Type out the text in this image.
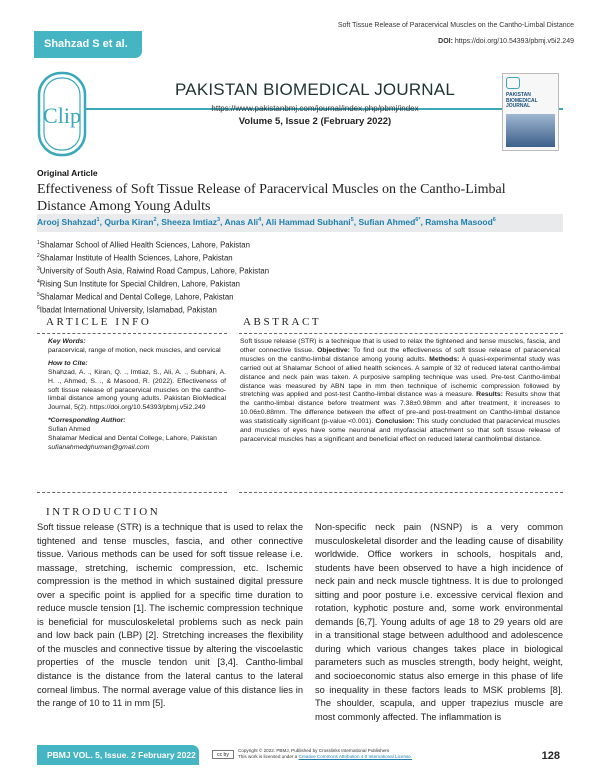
Shahzad S et al.
Soft Tissue Release of Paracervical Muscles on the Cantho-Limbal Distance
DOI: https://doi.org/10.54393/pbmj.v5i2.249
Clip
PAKISTAN BIOMEDICAL JOURNAL
https://www.pakistanbmj.com/journal/index.php/pbmj/index
Volume 5, Issue 2 (February 2022)
PAKISTAN BIOMEDICAL JOURNAL
Original Article
Effectiveness of Soft Tissue Release of Paracervical Muscles on the Cantho-Limbal Distance Among Young Adults
Arooj Shahzad$^1$, Qurba Kiran$^2$, Sheeza Imtiaz$^3$, Anas Ali$^4$, Ali Hammad Subhani$^5$, Sufian Ahmed$^{6*}$, Ramsha Masood$^6$
$^1$Shalamar School of Allied Health Sciences, Lahore, Pakistan
$^2$Shalamar Institute of Health Sciences, Lahore, Pakistan
$^3$University of South Asia, Raiwind Road Campus, Lahore, Pakistan
$^4$Rising Sun Institute for Special Children, Lahore, Pakistan
$^5$Shalamar Medical and Dental College, Lahore, Pakistan
$^6$Ibadat International University, Islamabad, Pakistan
ARTICLE INFO	ABSTRACT
Key Words:
paracervical, range of motion, neck muscles, and cervical
How to Cite:
Shahzad, A. ., Kiran, Q. ., Imtiaz, S., Ali, A. ., Subhani, A. H. ., Ahmed, S. ., & Masood, R. (2022). Effectiveness of soft tissue release of paracervical muscles on the cantho-limbal distance among young adults. Pakistan BioMedical Journal, 5(2). https://doi.org/10.54393/pbmj.v5i2.249
*Corresponding Author:
Sufian Ahmed
Shalamar Medical and Dental College, Lahore, Pakistan
sufianahmedghuman@gmail.com
Soft tissue release (STR) is a technique that is used to relax the tightened and tense muscles, fascia, and other connective tissue. Objective: To find out the effectiveness of soft tissue release of paracervical muscles on the cantho-limbal distance among young adults. Methods: A quasi-experimental study was carried out at Shalamar School of allied health sciences. A sample of 32 of reduced lateral cantho-limbal distance and neck pain was taken. A purposive sampling technique was used. Pre-test Cantho-limbal distance was measured by ABN tape in mm then technique of ischemic compression followed by stretching was applied and post-test Cantho-limbal distance was a measure. Results: Results show that the cantho-limbal distance before treatment was 7.38±0.98mm and after treatment, it increases to 10.06±0.88mm. The difference between the effect of pre-and post-treatment on Cantho-limbal distance was statistically significant (p-value <0.001). Conclusion: This study concluded that paracervical muscles and muscles of eyes have some neuronal and myofascial attachment so that soft tissue release of paracervical muscles has a significant and beneficial effect on reduced lateral cantholimbal distance.
INTRODUCTION
Soft tissue release (STR) is a technique that is used to relax the tightened and tense muscles, fascia, and other connective tissue. Various methods can be used for soft tissue release i.e. massage, stretching, ischemic compression, etc. Ischemic compression is the method in which sustained digital pressure over a specific point is applied for a specific time duration to reduce muscle tension [1]. The ischemic compression technique is beneficial for musculoskeletal problems such as neck pain and low back pain (LBP) [2]. Stretching increases the flexibility of the muscles and connective tissue by altering the viscoelastic properties of the muscle tendon unit [3,4]. Cantho-limbal distance is the distance from the lateral cantus to the lateral corneal limbus. The normal average value of this distance lies in the range of 10 to 11 in mm [5].
Non-specific neck pain (NSNP) is a very common musculoskeletal disorder and the leading cause of disability worldwide. Office workers in schools, hospitals and, students have been observed to have a high incidence of neck pain and neck muscle tightness. It is due to prolonged sitting and poor posture i.e. excessive cervical flexion and rotation, kyphotic posture and, some work environmental demands [6,7]. Young adults of age 18 to 29 years old are in a transitional stage between adulthood and adolescence during which various changes takes place in biological parameters such as muscles strength, body height, weight, and socioeconomic status also emerge in this phase of life so inequality in these factors leads to MSK problems [8]. The shoulder, scapula, and upper trapezius muscle are most commonly affected. The inflammation is
PBMJ VOL. 5, Issue. 2 February 2022	cc by
Copyright © 2022. PBMJ, Published by Crosslinks International Publishers
This work is licensed under a Creative Commons Attribution 4.0 International License.	128
